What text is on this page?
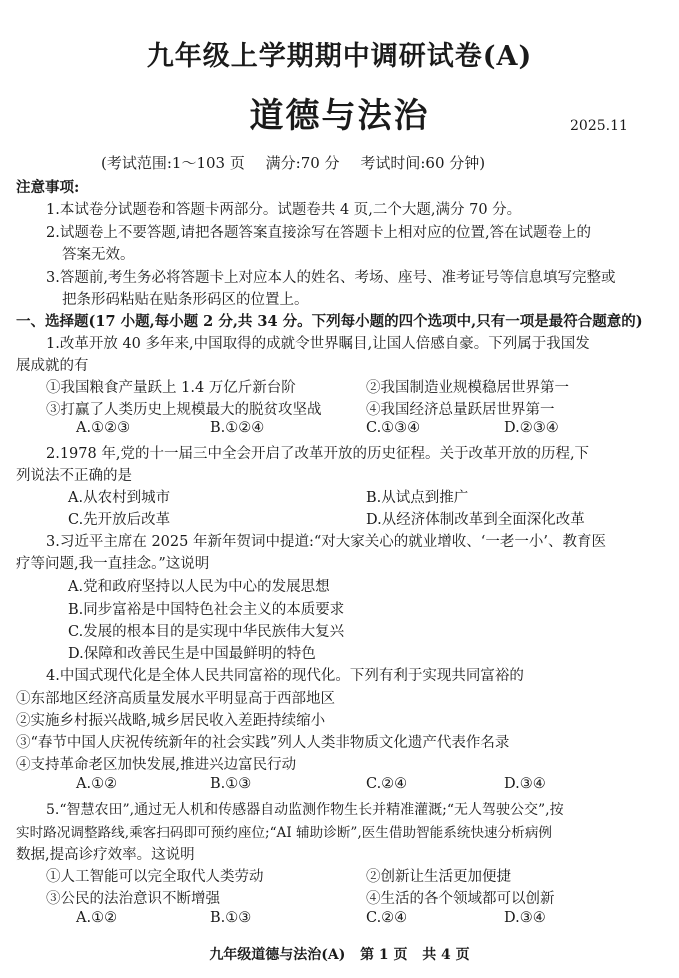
九年级上学期期中调研试卷(A)
道德与法治	2025.11
(考试范围:1～103 页 满分:70 分 考试时间:60 分钟)
注意事项:
1.本试卷分试题卷和答题卡两部分。试题卷共 4 页,二个大题,满分 70 分。
2.试题卷上不要答题,请把各题答案直接涂写在答题卡上相对应的位置,答在试题卷上的
答案无效。
3.答题前,考生务必将答题卡上对应本人的姓名、考场、座号、准考证号等信息填写完整或
把条形码粘贴在贴条形码区的位置上。
一、选择题(17 小题,每小题 2 分,共 34 分。下列每小题的四个选项中,只有一项是最符合题意的)
1.改革开放 40 多年来,中国取得的成就令世界瞩目,让国人倍感自豪。下列属于我国发
展成就的有
①我国粮食产量跃上 1.4 万亿斤新台阶	②我国制造业规模稳居世界第一
③打赢了人类历史上规模最大的脱贫攻坚战	④我国经济总量跃居世界第一
A.①②③	B.①②④	C.①③④	D.②③④
2.1978 年,党的十一届三中全会开启了改革开放的历史征程。关于改革开放的历程,下
列说法不正确的是
A.从农村到城市	B.从试点到推广
C.先开放后改革	D.从经济体制改革到全面深化改革
3.习近平主席在 2025 年新年贺词中提道:“对大家关心的就业增收、‘一老一小’、教育医
疗等问题,我一直挂念。”这说明
A.党和政府坚持以人民为中心的发展思想
B.同步富裕是中国特色社会主义的本质要求
C.发展的根本目的是实现中华民族伟大复兴
D.保障和改善民生是中国最鲜明的特色
4.中国式现代化是全体人民共同富裕的现代化。下列有利于实现共同富裕的
①东部地区经济高质量发展水平明显高于西部地区
②实施乡村振兴战略,城乡居民收入差距持续缩小
③“春节中国人庆祝传统新年的社会实践”列人人类非物质文化遗产代表作名录
④支持革命老区加快发展,推进兴边富民行动
A.①②	B.①③	C.②④	D.③④
5.“智慧农田”,通过无人机和传感器自动监测作物生长并精准灌溉;“无人驾驶公交”,按
实时路况调整路线,乘客扫码即可预约座位;“AI 辅助诊断”,医生借助智能系统快速分析病例
数据,提高诊疗效率。这说明
①人工智能可以完全取代人类劳动	②创新让生活更加便捷
③公民的法治意识不断增强	④生活的各个领域都可以创新
A.①②	B.①③	C.②④	D.③④
九年级道德与法治(A) 第 1 页 共 4 页
